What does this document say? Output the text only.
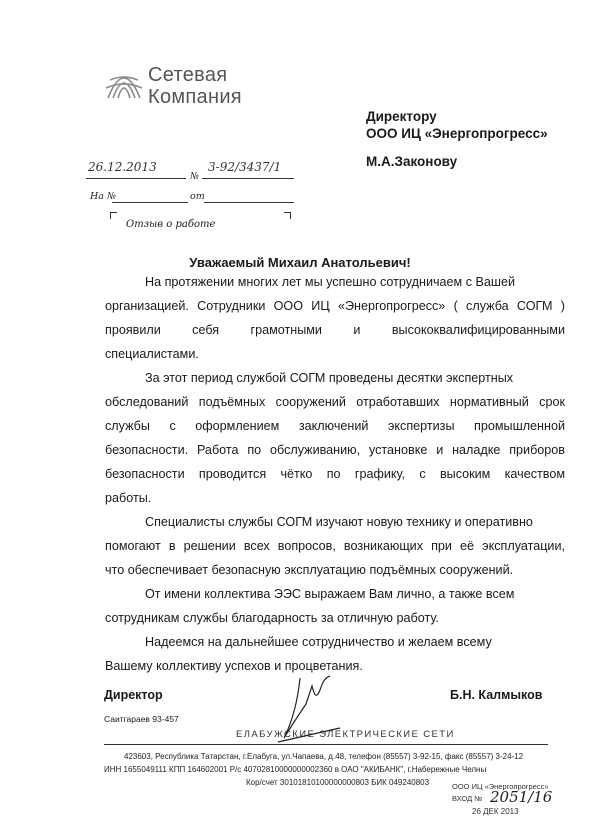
Сетевая
Компания
Директору
ООО ИЦ «Энергопрогресс»
М.А.Законову
26.12.2013
№
3-92/3437/1
На №	от
Отзыв о работе
Уважаемый Михаил Анатольевич!
На протяжении многих лет мы успешно сотрудничаем с Вашей
организацией. Сотрудники ООО ИЦ «Энергопрогресс» ( служба СОГМ )
проявили себя грамотными и высококвалифицированными
специалистами.
За этот период службой СОГМ проведены десятки экспертных
обследований подъёмных сооружений отработавших нормативный срок
службы с оформлением заключений экспертизы промышленной
безопасности. Работа по обслуживанию, установке и наладке приборов
безопасности проводится чётко по графику, с высоким качеством
работы.
Специалисты службы СОГМ изучают новую технику и оперативно
помогают в решении всех вопросов, возникающих при её эксплуатации,
что обеспечивает безопасную эксплуатацию подъёмных сооружений.
От имени коллектива ЭЭС выражаем Вам лично, а также всем
сотрудникам службы благодарность за отличную работу.
Надеемся на дальнейшее сотрудничество и желаем всему
Вашему коллективу успехов и процветания.
Директор	Б.Н. Калмыков
Саитгараев 93-457
ЕЛАБУЖСКИЕ ЭЛЕКТРИЧЕСКИЕ СЕТИ
423603, Республика Татарстан, г.Елабуга, ул.Чапаева, д.48, телефон (85557) 3-92-15, факс (85557) 3-24-12
ИНН 1655049111 КПП 164602001 Р/с 40702810000000002360 в ОАО "АКИБАНК", г.Набережные Челны
Кор/счет 30101810100000000803 БИК 049240803	ООО ИЦ «Энергопрогресс»
ВХОД № 2051/16
26 ДЕК 2013
